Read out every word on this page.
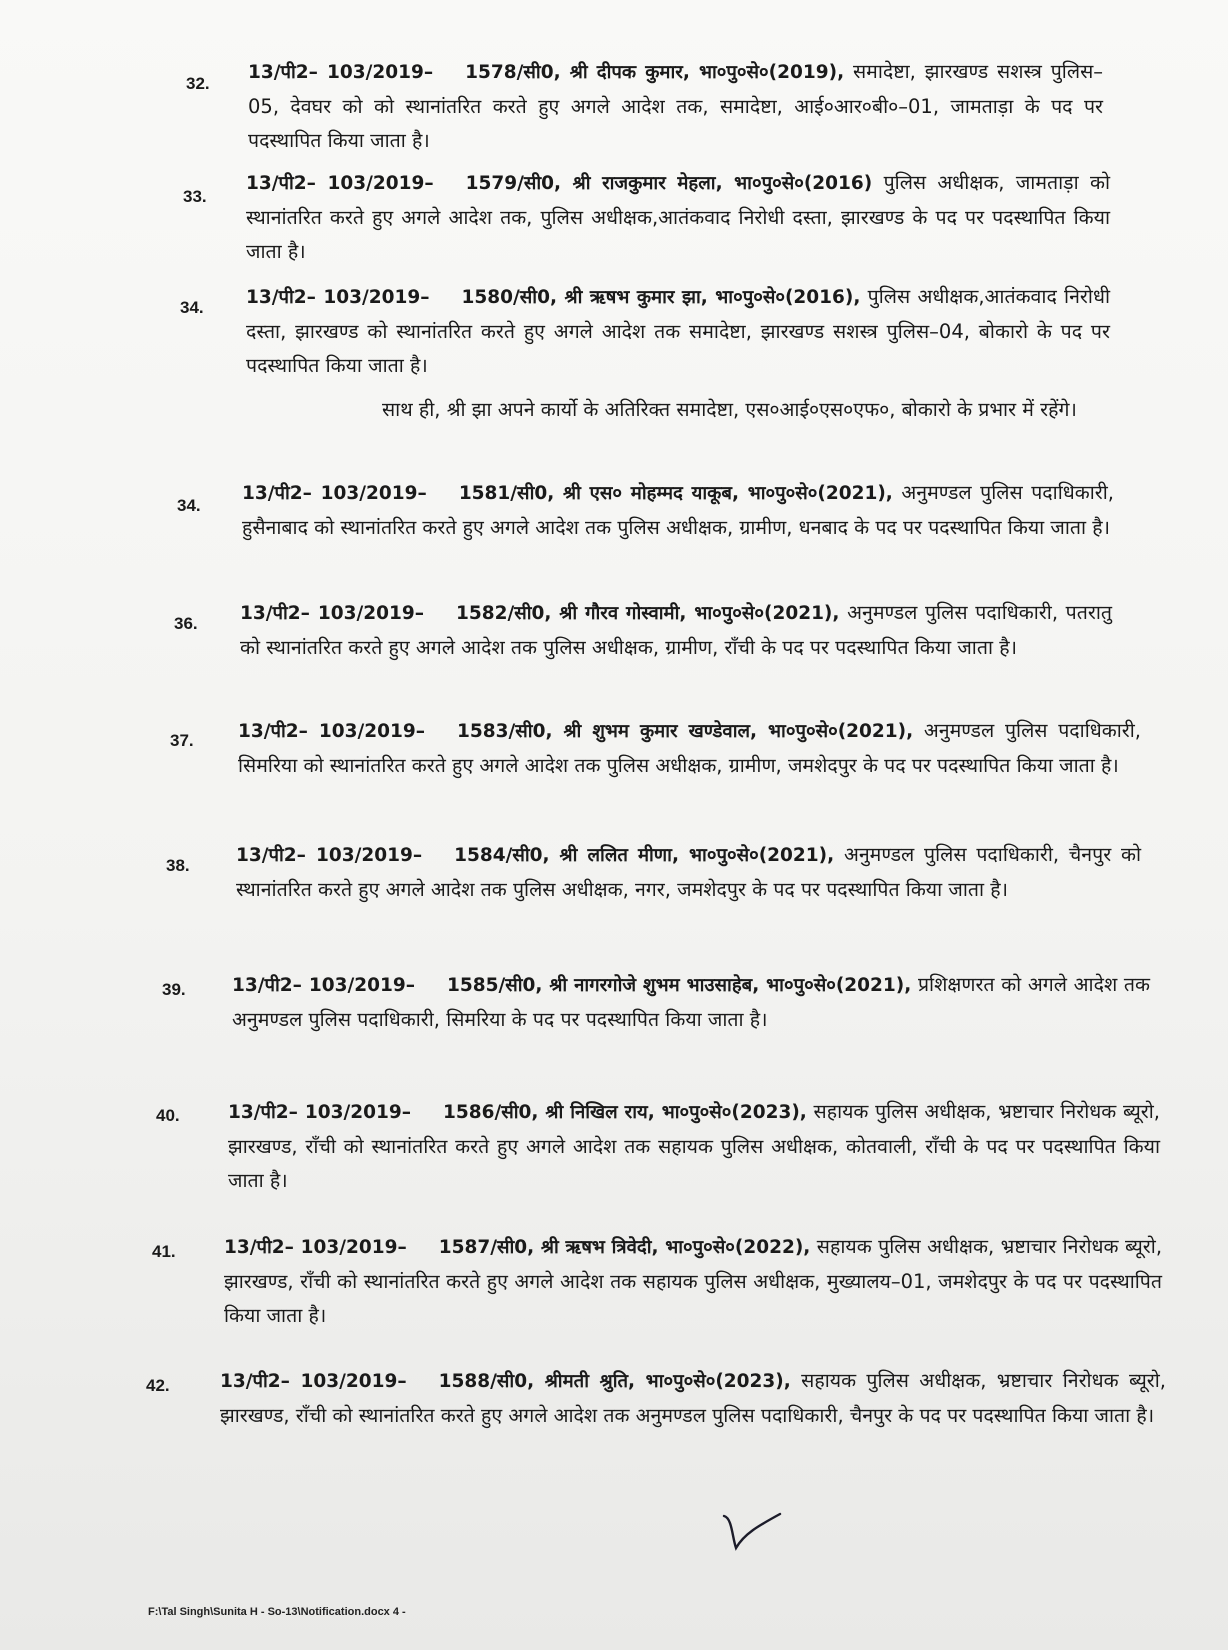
32.
13/पी2– 103/2019– 1578/सी0, श्री दीपक कुमार, भा०पु०से०(2019), समादेष्टा, झारखण्ड सशस्त्र पुलिस–05, देवघर को को स्थानांतरित करते हुए अगले आदेश तक, समादेष्टा, आई०आर०बी०–01, जामताड़ा के पद पर पदस्थापित किया जाता है।
33.
13/पी2– 103/2019– 1579/सी0, श्री राजकुमार मेहला, भा०पु०से०(2016) पुलिस अधीक्षक, जामताड़ा को स्थानांतरित करते हुए अगले आदेश तक, पुलिस अधीक्षक,आतंकवाद निरोधी दस्ता, झारखण्ड के पद पर पदस्थापित किया जाता है।
34. 13/पी2– 103/2019– 1580/सी0, श्री ऋषभ कुमार झा, भा०पु०से०(2016), पुलिस अधीक्षक,आतंकवाद निरोधी दस्ता, झारखण्ड को स्थानांतरित करते हुए अगले आदेश तक समादेष्टा, झारखण्ड सशस्त्र पुलिस–04, बोकारो के पद पर पदस्थापित किया जाता है।
साथ ही, श्री झा अपने कार्यो के अतिरिक्त समादेष्टा, एस०आई०एस०एफ०, बोकारो के प्रभार में रहेंगे।
34.
13/पी2– 103/2019– 1581/सी0, श्री एस० मोहम्मद याकूब, भा०पु०से०(2021), अनुमण्डल पुलिस पदाधिकारी, हुसैनाबाद को स्थानांतरित करते हुए अगले आदेश तक पुलिस अधीक्षक, ग्रामीण, धनबाद के पद पर पदस्थापित किया जाता है।
36. 13/पी2– 103/2019– 1582/सी0, श्री गौरव गोस्वामी, भा०पु०से०(2021), अनुमण्डल पुलिस पदाधिकारी, पतरातु को स्थानांतरित करते हुए अगले आदेश तक पुलिस अधीक्षक, ग्रामीण, राँची के पद पर पदस्थापित किया जाता है।
37. 13/पी2– 103/2019– 1583/सी0, श्री शुभम कुमार खण्डेवाल, भा०पु०से०(2021), अनुमण्डल पुलिस पदाधिकारी, सिमरिया को स्थानांतरित करते हुए अगले आदेश तक पुलिस अधीक्षक, ग्रामीण, जमशेदपुर के पद पर पदस्थापित किया जाता है।
38.	13/पी2– 103/2019– 1584/सी0, श्री ललित मीणा, भा०पु०से०(2021), अनुमण्डल पुलिस पदाधिकारी, चैनपुर को स्थानांतरित करते हुए अगले आदेश तक पुलिस अधीक्षक, नगर, जमशेदपुर के पद पर पदस्थापित किया जाता है।
39.	13/पी2– 103/2019– 1585/सी0, श्री नागरगोजे शुभम भाउसाहेब, भा०पु०से०(2021), प्रशिक्षणरत को अगले आदेश तक अनुमण्डल पुलिस पदाधिकारी, सिमरिया के पद पर पदस्थापित किया जाता है।
40.	13/पी2– 103/2019– 1586/सी0, श्री निखिल राय, भा०पु०से०(2023), सहायक पुलिस अधीक्षक, भ्रष्टाचार निरोधक ब्यूरो, झारखण्ड, राँची को स्थानांतरित करते हुए अगले आदेश तक सहायक पुलिस अधीक्षक, कोतवाली, राँची के पद पर पदस्थापित किया जाता है।
41.	13/पी2– 103/2019– 1587/सी0, श्री ऋषभ त्रिवेदी, भा०पु०से०(2022), सहायक पुलिस अधीक्षक, भ्रष्टाचार निरोधक ब्यूरो, झारखण्ड, राँची को स्थानांतरित करते हुए अगले आदेश तक सहायक पुलिस अधीक्षक, मुख्यालय–01, जमशेदपुर के पद पर पदस्थापित किया जाता है।
42.	13/पी2– 103/2019– 1588/सी0, श्रीमती श्रुति, भा०पु०से०(2023), सहायक पुलिस अधीक्षक, भ्रष्टाचार निरोधक ब्यूरो, झारखण्ड, राँची को स्थानांतरित करते हुए अगले आदेश तक अनुमण्डल पुलिस पदाधिकारी, चैनपुर के पद पर पदस्थापित किया जाता है।
F:\Tal Singh\Sunita H - So-13\Notification.docx 4 -
